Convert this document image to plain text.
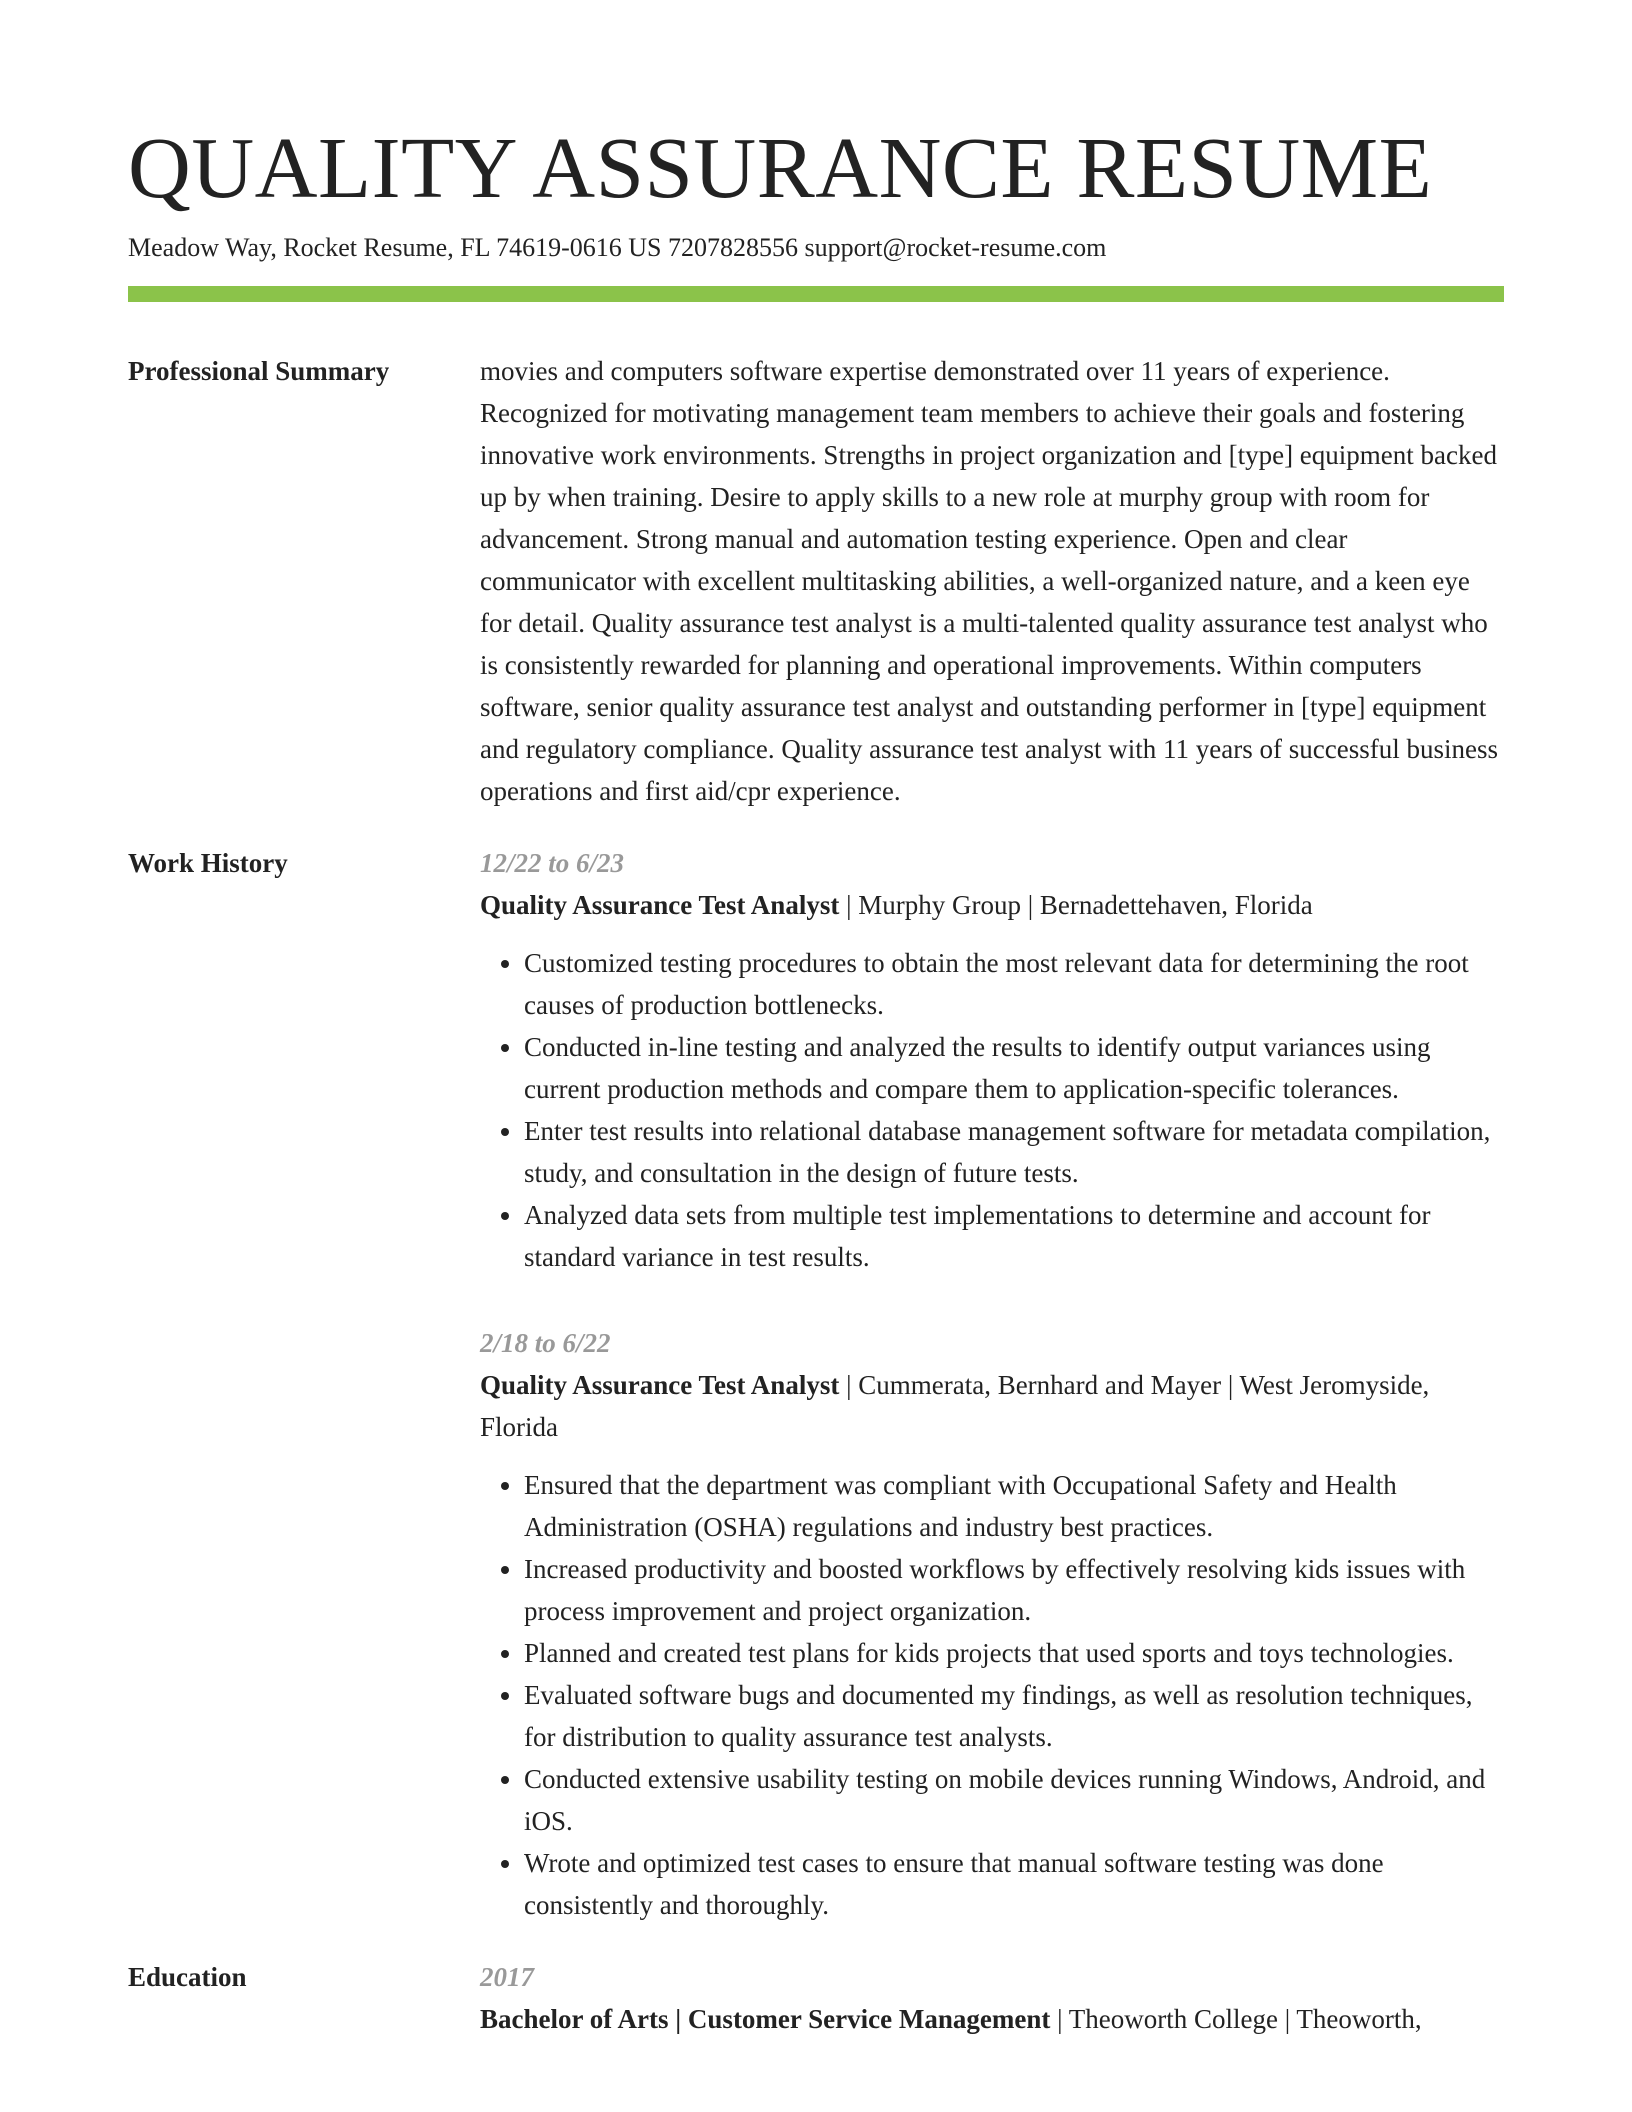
QUALITY ASSURANCE RESUME
Meadow Way, Rocket Resume, FL 74619-0616 US 7207828556 support@rocket-resume.com
Professional Summary	movies and computers software expertise demonstrated over 11 years of experience. Recognized for motivating management team members to achieve their goals and fostering innovative work environments. Strengths in project organization and [type] equipment backed up by when training. Desire to apply skills to a new role at murphy group with room for advancement. Strong manual and automation testing experience. Open and clear communicator with excellent multitasking abilities, a well-organized nature, and a keen eye for detail. Quality assurance test analyst is a multi-talented quality assurance test analyst who is consistently rewarded for planning and operational improvements. Within computers software, senior quality assurance test analyst and outstanding performer in [type] equipment and regulatory compliance. Quality assurance test analyst with 11 years of successful business operations and first aid/cpr experience.

Work History	12/22 to 6/23

Quality Assurance Test Analyst | Murphy Group | Bernadettehaven, Florida

• Customized testing procedures to obtain the most relevant data for determining the root causes of production bottlenecks.
• Conducted in-line testing and analyzed the results to identify output variances using current production methods and compare them to application-specific tolerances.
• Enter test results into relational database management software for metadata compilation, study, and consultation in the design of future tests.
• Analyzed data sets from multiple test implementations to determine and account for standard variance in test results.
2/18 to 6/22

Quality Assurance Test Analyst | Cummerata, Bernhard and Mayer | West Jeromyside, Florida

• Ensured that the department was compliant with Occupational Safety and Health Administration (OSHA) regulations and industry best practices.
• Increased productivity and boosted workflows by effectively resolving kids issues with process improvement and project organization.
• Planned and created test plans for kids projects that used sports and toys technologies.
• Evaluated software bugs and documented my findings, as well as resolution techniques, for distribution to quality assurance test analysts.
• Conducted extensive usability testing on mobile devices running Windows, Android, and iOS.
• Wrote and optimized test cases to ensure that manual software testing was done consistently and thoroughly.
Education	2017

Bachelor of Arts | Customer Service Management | Theoworth College | Theoworth,
